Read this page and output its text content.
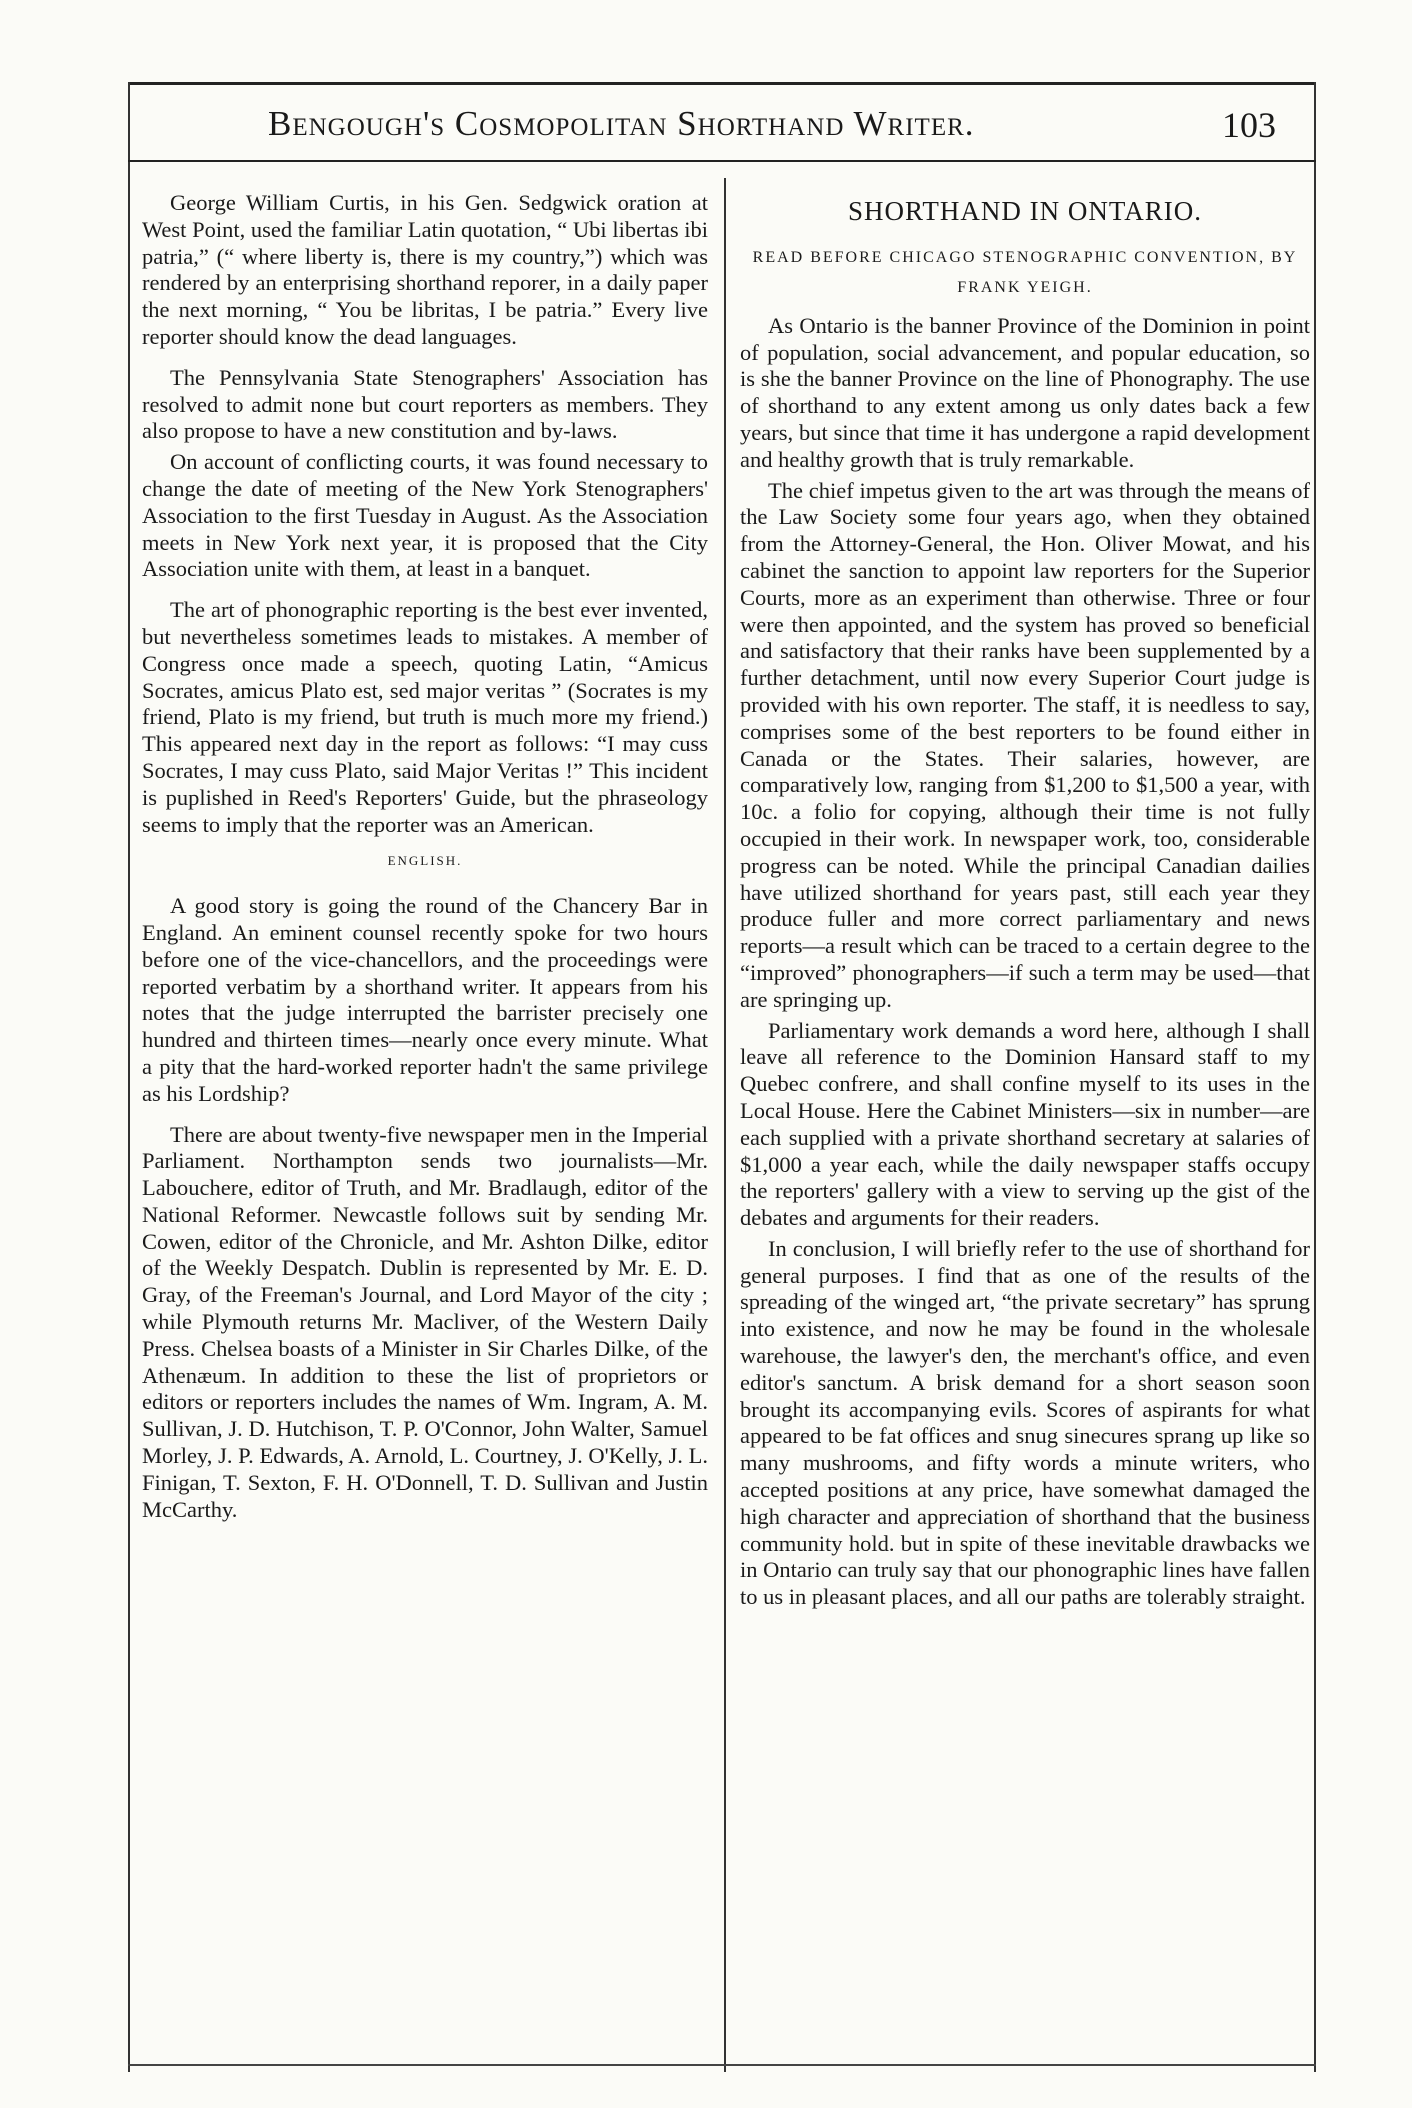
Bengough's Cosmopolitan Shorthand Writer.	103

George William Curtis, in his Gen. Sedgwick oration at West Point, used the familiar Latin quotation, “ Ubi libertas ibi patria,” (“ where liberty is, there is my country,”) which was rendered by an enterprising shorthand reporer, in a daily paper the next morning, “ You be libritas, I be patria.” Every live reporter should know the dead languages.

The Pennsylvania State Stenographers' Association has resolved to admit none but court reporters as members. They also propose to have a new constitution and by-laws.

On account of conflicting courts, it was found necessary to change the date of meeting of the New York Stenographers' Association to the first Tuesday in August. As the Association meets in New York next year, it is proposed that the City Association unite with them, at least in a banquet.

The art of phonographic reporting is the best ever invented, but nevertheless sometimes leads to mistakes. A member of Congress once made a speech, quoting Latin, “Amicus Socrates, amicus Plato est, sed major veritas ” (Socrates is my friend, Plato is my friend, but truth is much more my friend.) This appeared next day in the report as follows: “I may cuss Socrates, I may cuss Plato, said Major Veritas !” This incident is puplished in Reed's Reporters' Guide, but the phraseology seems to imply that the reporter was an American.

ENGLISH.

A good story is going the round of the Chancery Bar in England. An eminent counsel recently spoke for two hours before one of the vice-chancellors, and the proceedings were reported verbatim by a shorthand writer. It appears from his notes that the judge interrupted the barrister precisely one hundred and thirteen times—nearly once every minute. What a pity that the hard-worked reporter hadn't the same privilege as his Lordship?

There are about twenty-five newspaper men in the Imperial Parliament. Northampton sends two journalists—Mr. Labouchere, editor of Truth, and Mr. Bradlaugh, editor of the National Reformer. Newcastle follows suit by sending Mr. Cowen, editor of the Chronicle, and Mr. Ashton Dilke, editor of the Weekly Despatch. Dublin is represented by Mr. E. D. Gray, of the Freeman's Journal, and Lord Mayor of the city ; while Plymouth returns Mr. Macliver, of the Western Daily Press. Chelsea boasts of a Minister in Sir Charles Dilke, of the Athenæum. In addition to these the list of proprietors or editors or reporters includes the names of Wm. Ingram, A. M. Sullivan, J. D. Hutchison, T. P. O'Connor, John Walter, Samuel Morley, J. P. Edwards, A. Arnold, L. Courtney, J. O'Kelly, J. L. Finigan, T. Sexton, F. H. O'Donnell, T. D. Sullivan and Justin McCarthy.

SHORTHAND IN ONTARIO.
READ BEFORE CHICAGO STENOGRAPHIC CONVENTION, BY FRANK YEIGH.

As Ontario is the banner Province of the Dominion in point of population, social advancement, and popular education, so is she the banner Province on the line of Phonography. The use of shorthand to any extent among us only dates back a few years, but since that time it has undergone a rapid development and healthy growth that is truly remarkable.

The chief impetus given to the art was through the means of the Law Society some four years ago, when they obtained from the Attorney-General, the Hon. Oliver Mowat, and his cabinet the sanction to appoint law reporters for the Superior Courts, more as an experiment than otherwise. Three or four were then appointed, and the system has proved so beneficial and satisfactory that their ranks have been supplemented by a further detachment, until now every Superior Court judge is provided with his own reporter. The staff, it is needless to say, comprises some of the best reporters to be found either in Canada or the States. Their salaries, however, are comparatively low, ranging from $1,200 to $1,500 a year, with 10c. a folio for copying, although their time is not fully occupied in their work. In newspaper work, too, considerable progress can be noted. While the principal Canadian dailies have utilized shorthand for years past, still each year they produce fuller and more correct parliamentary and news reports—a result which can be traced to a certain degree to the “improved” phonographers—if such a term may be used—that are springing up.

Parliamentary work demands a word here, although I shall leave all reference to the Dominion Hansard staff to my Quebec confrere, and shall confine myself to its uses in the Local House. Here the Cabinet Ministers—six in number—are each supplied with a private shorthand secretary at salaries of $1,000 a year each, while the daily newspaper staffs occupy the reporters' gallery with a view to serving up the gist of the debates and arguments for their readers.

In conclusion, I will briefly refer to the use of shorthand for general purposes. I find that as one of the results of the spreading of the winged art, “the private secretary” has sprung into existence, and now he may be found in the wholesale warehouse, the lawyer's den, the merchant's office, and even editor's sanctum. A brisk demand for a short season soon brought its accompanying evils. Scores of aspirants for what appeared to be fat offices and snug sinecures sprang up like so many mushrooms, and fifty words a minute writers, who accepted positions at any price, have somewhat damaged the high character and appreciation of shorthand that the business community hold. but in spite of these inevitable drawbacks we in Ontario can truly say that our phonographic lines have fallen to us in pleasant places, and all our paths are tolerably straight.
